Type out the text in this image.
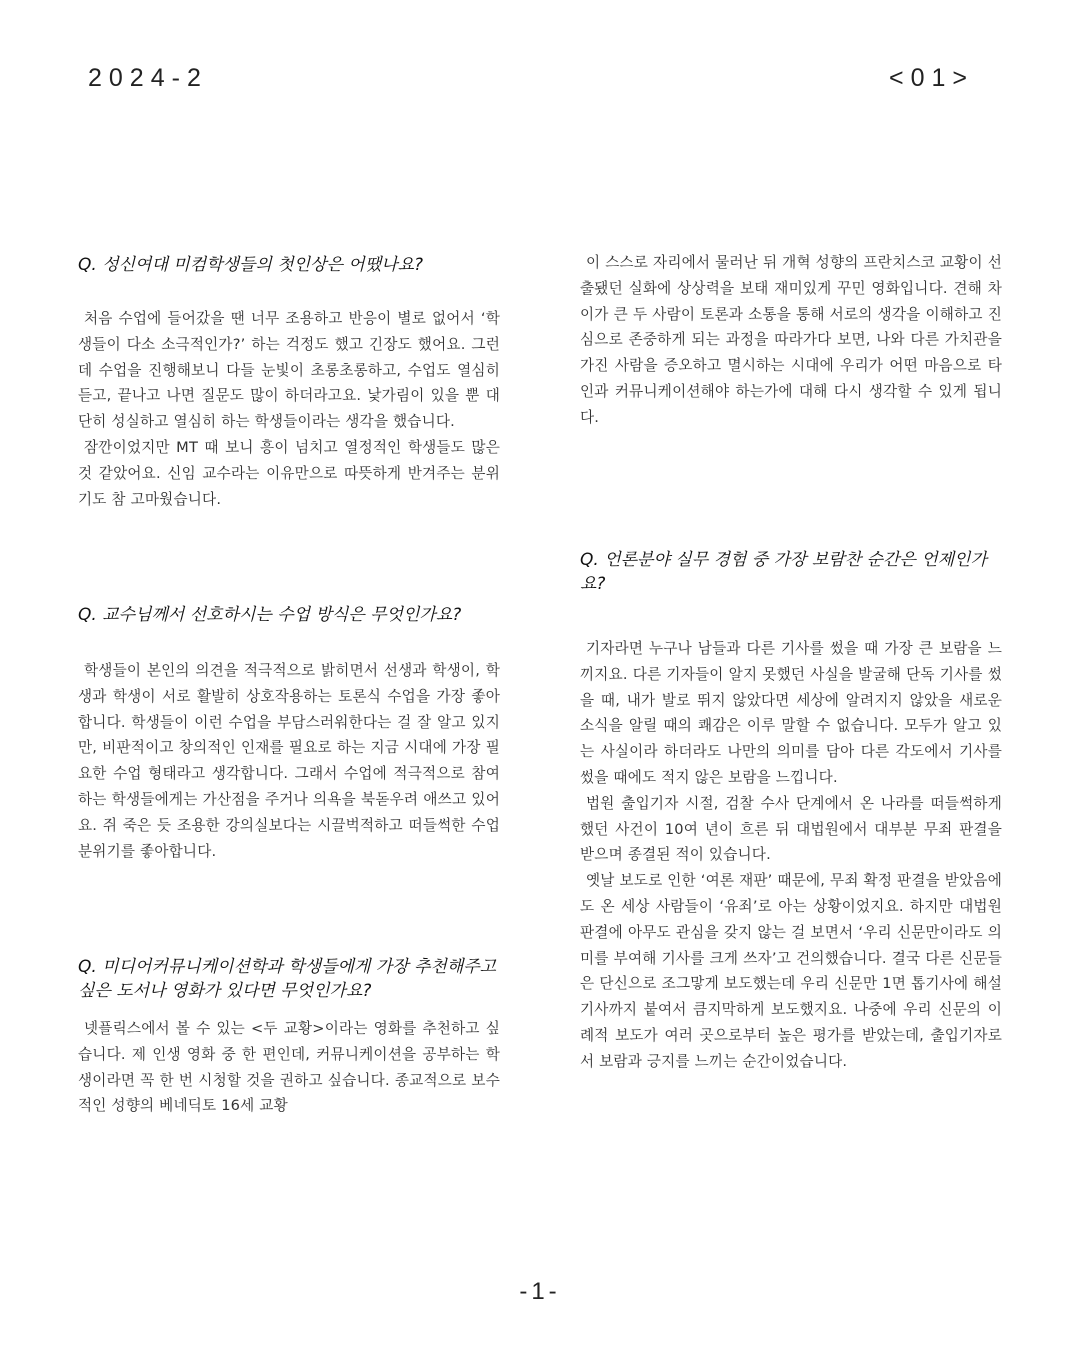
2024-2	<01>
Q. 성신여대 미컴학생들의 첫인상은 어땠나요?

처음 수업에 들어갔을 땐 너무 조용하고 반응이 별로 없어서 ‘학생들이 다소 소극적인가?’ 하는 걱정도 했고 긴장도 했어요. 그런데 수업을 진행해보니 다들 눈빛이 초롱초롱하고, 수업도 열심히 듣고, 끝나고 나면 질문도 많이 하더라고요. 낯가림이 있을 뿐 대단히 성실하고 열심히 하는 학생들이라는 생각을 했습니다.

잠깐이었지만 MT 때 보니 흥이 넘치고 열정적인 학생들도 많은 것 같았어요. 신임 교수라는 이유만으로 따뜻하게 반겨주는 분위기도 참 고마웠습니다.

Q. 교수님께서 선호하시는 수업 방식은 무엇인가요?

학생들이 본인의 의견을 적극적으로 밝히면서 선생과 학생이, 학생과 학생이 서로 활발히 상호작용하는 토론식 수업을 가장 좋아합니다. 학생들이 이런 수업을 부담스러워한다는 걸 잘 알고 있지만, 비판적이고 창의적인 인재를 필요로 하는 지금 시대에 가장 필요한 수업 형태라고 생각합니다. 그래서 수업에 적극적으로 참여하는 학생들에게는 가산점을 주거나 의욕을 북돋우려 애쓰고 있어요. 쥐 죽은 듯 조용한 강의실보다는 시끌벅적하고 떠들썩한 수업 분위기를 좋아합니다.

Q. 미디어커뮤니케이션학과 학생들에게 가장 추천해주고 싶은 도서나 영화가 있다면 무엇인가요?

넷플릭스에서 볼 수 있는 <두 교황>이라는 영화를 추천하고 싶습니다. 제 인생 영화 중 한 편인데, 커뮤니케이션을 공부하는 학생이라면 꼭 한 번 시청할 것을 권하고 싶습니다. 종교적으로 보수적인 성향의 베네딕토 16세 교황

이 스스로 자리에서 물러난 뒤 개혁 성향의 프란치스코 교황이 선출됐던 실화에 상상력을 보태 재미있게 꾸민 영화입니다. 견해 차이가 큰 두 사람이 토론과 소통을 통해 서로의 생각을 이해하고 진심으로 존중하게 되는 과정을 따라가다 보면, 나와 다른 가치관을 가진 사람을 증오하고 멸시하는 시대에 우리가 어떤 마음으로 타인과 커뮤니케이션해야 하는가에 대해 다시 생각할 수 있게 됩니다.

Q. 언론분야 실무 경험 중 가장 보람찬 순간은 언제인가요?

기자라면 누구나 남들과 다른 기사를 썼을 때 가장 큰 보람을 느끼지요. 다른 기자들이 알지 못했던 사실을 발굴해 단독 기사를 썼을 때, 내가 발로 뛰지 않았다면 세상에 알려지지 않았을 새로운 소식을 알릴 때의 쾌감은 이루 말할 수 없습니다. 모두가 알고 있는 사실이라 하더라도 나만의 의미를 담아 다른 각도에서 기사를 썼을 때에도 적지 않은 보람을 느낍니다.

법원 출입기자 시절, 검찰 수사 단계에서 온 나라를 떠들썩하게 했던 사건이 10여 년이 흐른 뒤 대법원에서 대부분 무죄 판결을 받으며 종결된 적이 있습니다.

옛날 보도로 인한 ‘여론 재판’ 때문에, 무죄 확정 판결을 받았음에도 온 세상 사람들이 ‘유죄’로 아는 상황이었지요. 하지만 대법원 판결에 아무도 관심을 갖지 않는 걸 보면서 ‘우리 신문만이라도 의미를 부여해 기사를 크게 쓰자’고 건의했습니다. 결국 다른 신문들은 단신으로 조그맣게 보도했는데 우리 신문만 1면 톱기사에 해설 기사까지 붙여서 큼지막하게 보도했지요. 나중에 우리 신문의 이례적 보도가 여러 곳으로부터 높은 평가를 받았는데, 출입기자로서 보람과 긍지를 느끼는 순간이었습니다.

-1-
